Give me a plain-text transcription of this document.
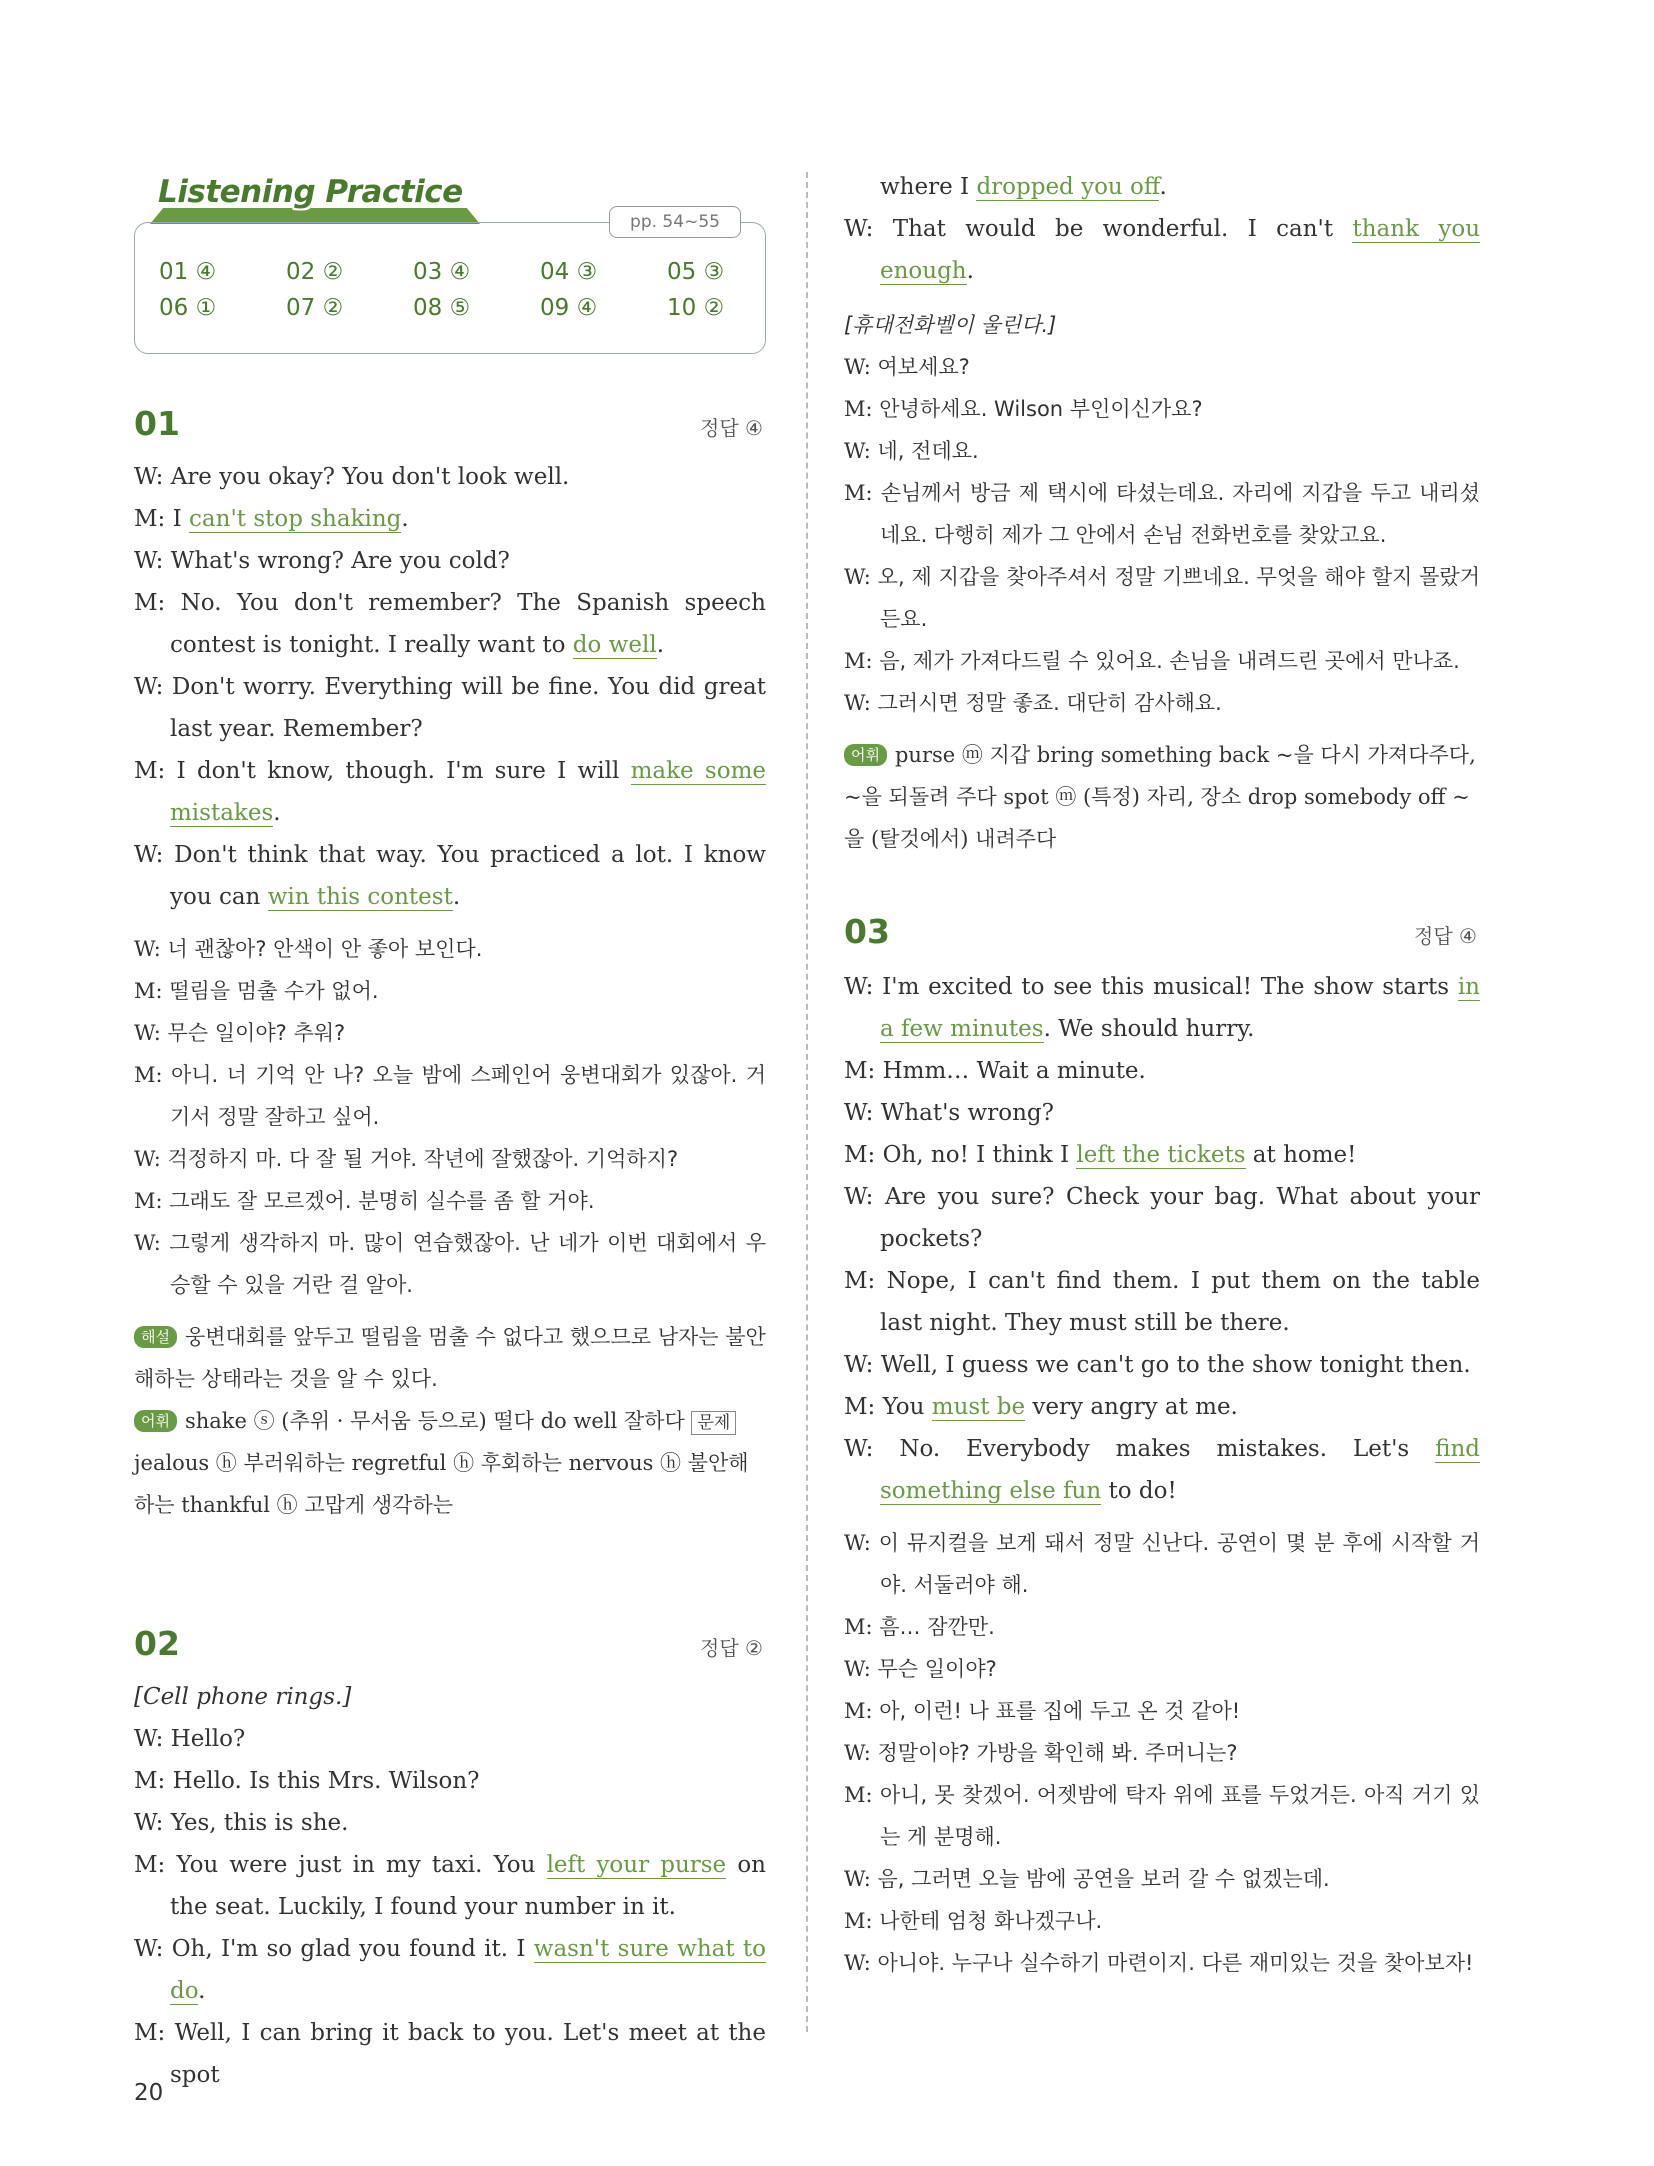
Listening Practice
pp. 54~55
01 ④	02 ②	03 ④	04 ③	05 ③
06 ①	07 ②	08 ⑤	09 ④	10 ②
01	정답 ④
W: Are you okay? You don't look well.
M: I can't stop shaking.
W: What's wrong? Are you cold?
M: No. You don't remember? The Spanish speech contest is tonight. I really want to do well.
W: Don't worry. Everything will be fine. You did great last year. Remember?
M: I don't know, though. I'm sure I will make some mistakes.
W: Don't think that way. You practiced a lot. I know you can win this contest.
W: 너 괜찮아? 안색이 안 좋아 보인다.
M: 떨림을 멈출 수가 없어.
W: 무슨 일이야? 추워?
M: 아니. 너 기억 안 나? 오늘 밤에 스페인어 웅변대회가 있잖아. 거기서 정말 잘하고 싶어.
W: 걱정하지 마. 다 잘 될 거야. 작년에 잘했잖아. 기억하지?
M: 그래도 잘 모르겠어. 분명히 실수를 좀 할 거야.
W: 그렇게 생각하지 마. 많이 연습했잖아. 난 네가 이번 대회에서 우승할 수 있을 거란 걸 알아.
해설 웅변대회를 앞두고 떨림을 멈출 수 없다고 했으므로 남자는 불안해하는 상태라는 것을 알 수 있다.
어휘 shake ⓢ (추위 · 무서움 등으로) 떨다 do well 잘하다 문제 jealous ⓗ 부러워하는 regretful ⓗ 후회하는 nervous ⓗ 불안해하는 thankful ⓗ 고맙게 생각하는
02	정답 ②
[Cell phone rings.]
W: Hello?
M: Hello. Is this Mrs. Wilson?
W: Yes, this is she.
M: You were just in my taxi. You left your purse on the seat. Luckily, I found your number in it.
W: Oh, I'm so glad you found it. I wasn't sure what to do.
M: Well, I can bring it back to you. Let's meet at the spot
where I dropped you off.
W: That would be wonderful. I can't thank you enough.
[휴대전화벨이 울린다.]
W: 여보세요?
M: 안녕하세요. Wilson 부인이신가요?
W: 네, 전데요.
M: 손님께서 방금 제 택시에 타셨는데요. 자리에 지갑을 두고 내리셨네요. 다행히 제가 그 안에서 손님 전화번호를 찾았고요.
W: 오, 제 지갑을 찾아주셔서 정말 기쁘네요. 무엇을 해야 할지 몰랐거든요.
M: 음, 제가 가져다드릴 수 있어요. 손님을 내려드린 곳에서 만나죠.
W: 그러시면 정말 좋죠. 대단히 감사해요.
어휘 purse ⓜ 지갑 bring something back ~을 다시 가져다주다, ~을 되돌려 주다 spot ⓜ (특정) 자리, 장소 drop somebody off ~을 (탈것에서) 내려주다
03	정답 ④
W: I'm excited to see this musical! The show starts in a few minutes. We should hurry.
M: Hmm… Wait a minute.
W: What's wrong?
M: Oh, no! I think I left the tickets at home!
W: Are you sure? Check your bag. What about your pockets?
M: Nope, I can't find them. I put them on the table last night. They must still be there.
W: Well, I guess we can't go to the show tonight then.
M: You must be very angry at me.
W: No. Everybody makes mistakes. Let's find something else fun to do!
W: 이 뮤지컬을 보게 돼서 정말 신난다. 공연이 몇 분 후에 시작할 거야. 서둘러야 해.
M: 흠… 잠깐만.
W: 무슨 일이야?
M: 아, 이런! 나 표를 집에 두고 온 것 같아!
W: 정말이야? 가방을 확인해 봐. 주머니는?
M: 아니, 못 찾겠어. 어젯밤에 탁자 위에 표를 두었거든. 아직 거기 있는 게 분명해.
W: 음, 그러면 오늘 밤에 공연을 보러 갈 수 없겠는데.
M: 나한테 엄청 화나겠구나.
W: 아니야. 누구나 실수하기 마련이지. 다른 재미있는 것을 찾아보자!
20
